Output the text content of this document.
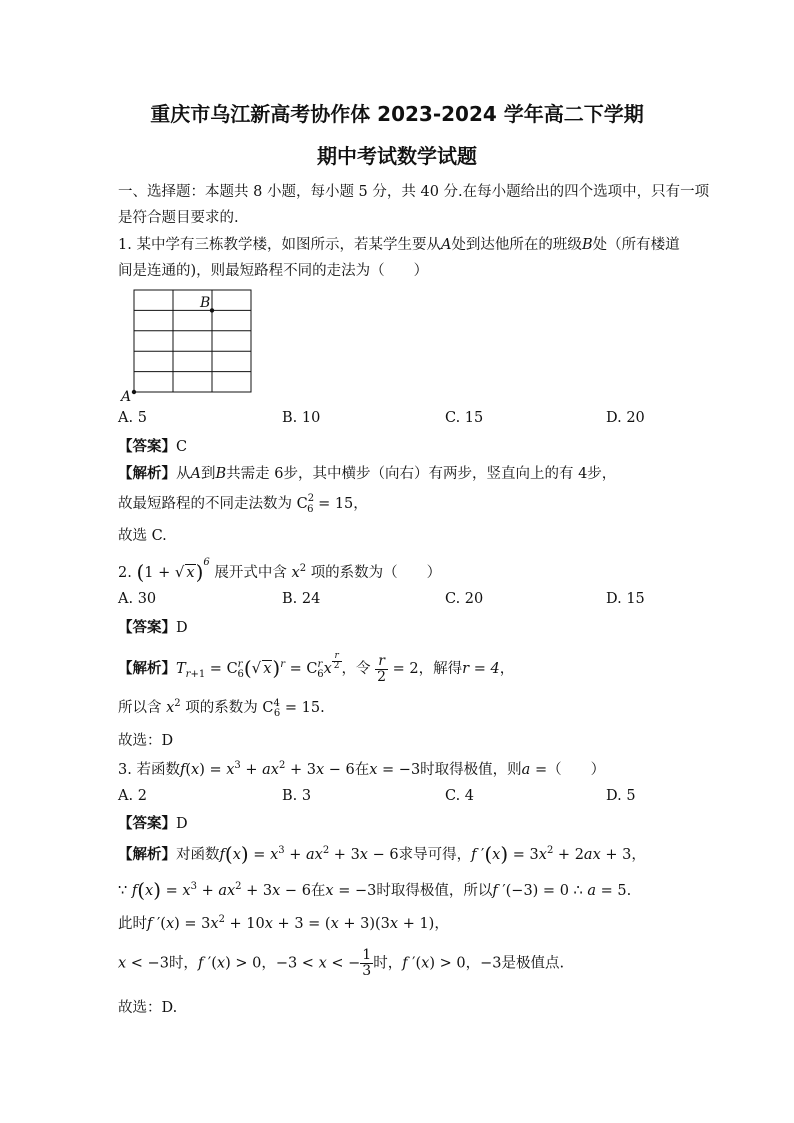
重庆市乌江新高考协作体 2023-2024 学年高二下学期
期中考试数学试题
一、选择题：本题共 8 小题，每小题 5 分，共 40 分.在每小题给出的四个选项中，只有一项
是符合题目要求的.
1. 某中学有三栋教学楼，如图所示，若某学生要从A处到达他所在的班级B处（所有楼道
间是连通的)，则最短路程不同的走法为（　　）
B
A
A. 5	B. 10	C. 15	D. 20
【答案】C
【解析】从A到B共需走 6步，其中横步（向右）有两步，竖直向上的有 4步，
故最短路程的不同走法数为 $C^2_6 = 15$，
故选 C.
2. (1 + √ x)$^6$ 展开式中含 $x^2$ 项的系数为（　　）
A. 30	B. 24	C. 20	D. 15
【答案】D
【解析】$T_{r+1} = C^r_6(√$ $x)^r = C^r_6x$ $^{\frac{r}{2}}$ ，令 $\frac{r}{2} = 2$，解得r = 4，
所以含 $x^2$ 项的系数为 $C^4_6 = 15$.
故选：D
3. 若函数$f(x) = x^3 + ax^2 + 3x - 6$在x = −3时取得极值，则a =（　　）
A. 2	B. 3	C. 4	D. 5
【答案】D
【解析】对函数$f(x) = x^3 + ax^2 + 3x - 6$求导可得，f $'(x) = 3x^2 + 2ax + 3$，
∵ $f(x) = x^3 + ax^2 + 3x - 6$在x = −3时取得极值，所以f ′(−3) = 0 ∴ a = 5.
此时f $'(x) = 3x^2 + 10x + 3 = (x + 3)(3x + 1)$，
x < −3时，f ′(x) > 0，−3 < x < − $\frac{1}{3}$ 时，f ′(x) > 0，−3是极值点.
故选：D.
